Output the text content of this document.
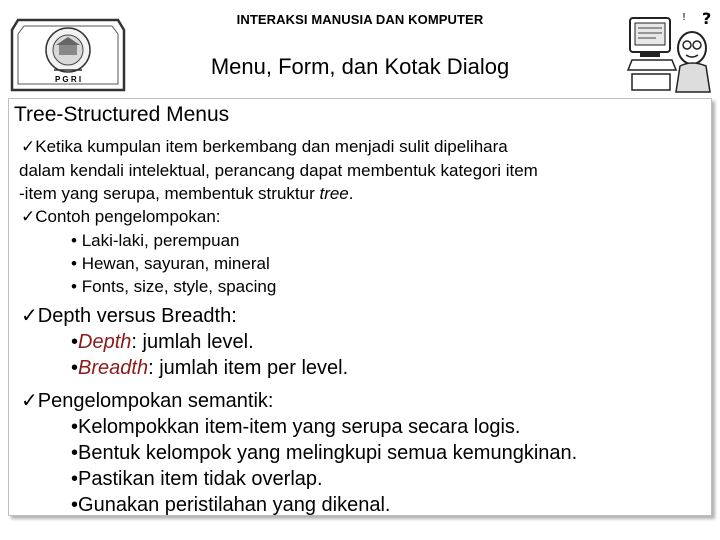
P G R I
?
!
INTERAKSI MANUSIA DAN KOMPUTER
Menu, Form, dan Kotak Dialog
Tree-Structured Menus
✓Ketika kumpulan item berkembang dan menjadi sulit dipelihara
dalam kendali intelektual, perancang dapat membentuk kategori item
-item yang serupa, membentuk struktur tree.
✓Contoh pengelompokan:
• Laki-laki, perempuan
• Hewan, sayuran, mineral
• Fonts, size, style, spacing
✓Depth versus Breadth:
•Depth: jumlah level.
•Breadth: jumlah item per level.
✓Pengelompokan semantik:
•Kelompokkan item-item yang serupa secara logis.
•Bentuk kelompok yang melingkupi semua kemungkinan.
•Pastikan item tidak overlap.
•Gunakan peristilahan yang dikenal.
